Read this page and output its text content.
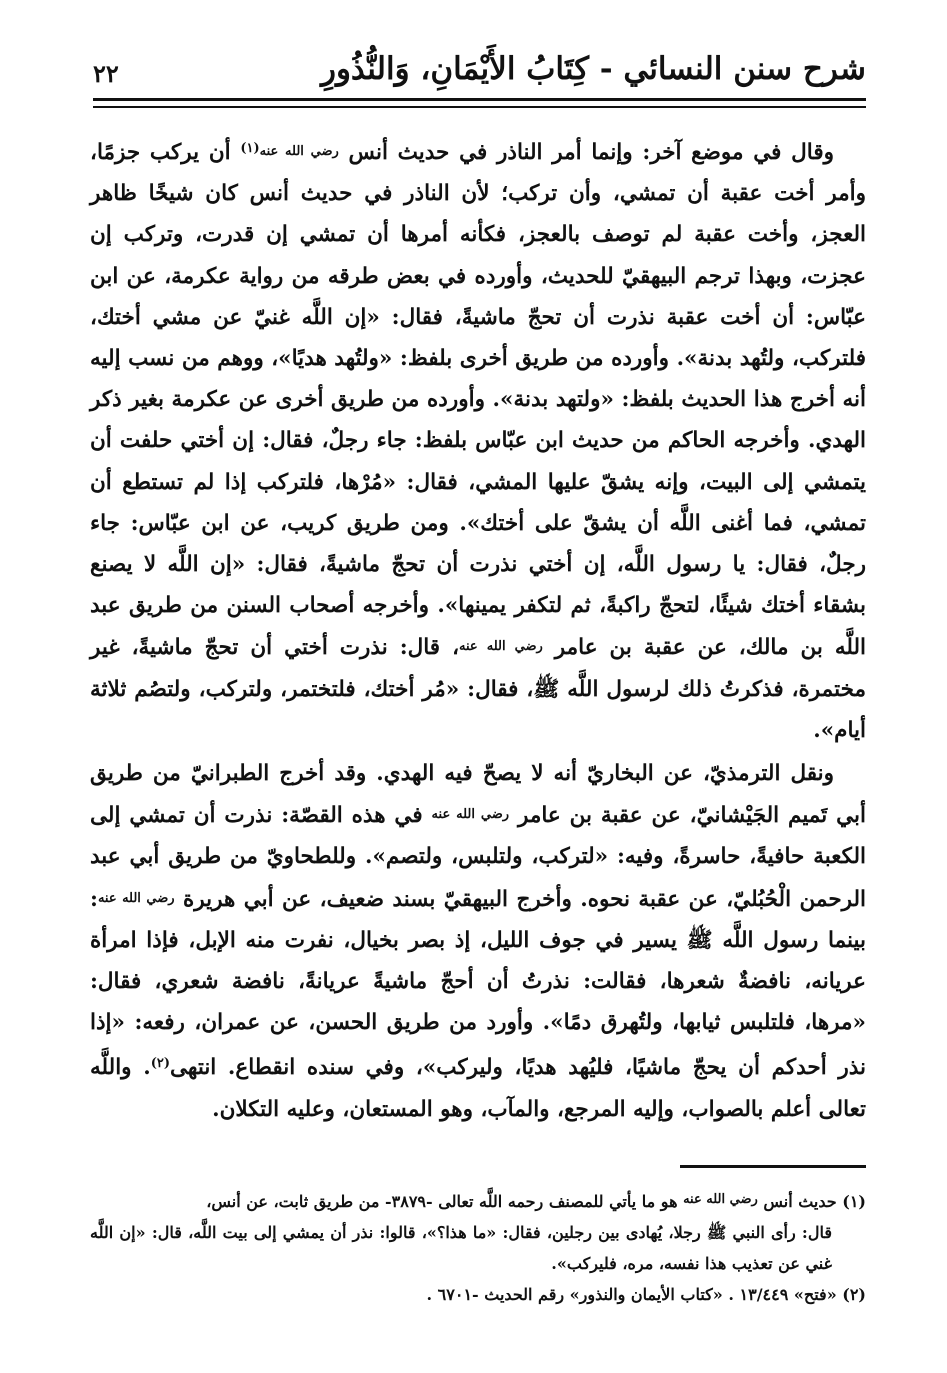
شرح سنن النسائي - كِتَابُ الأَيْمَانِ، وَالنُّذُورِ
٢٢

وقال في موضع آخر: وإنما أمر الناذر في حديث أنس رضي الله عنه$^{(١)}$ أن يركب جزمًا، وأمر أخت عقبة أن تمشي، وأن تركب؛ لأن الناذر في حديث أنس كان شيخًا ظاهر العجز، وأخت عقبة لم توصف بالعجز، فكأنه أمرها أن تمشي إن قدرت، وتركب إن عجزت، وبهذا ترجم البيهقيّ للحديث، وأورده في بعض طرقه من رواية عكرمة، عن ابن عبّاس: أن أخت عقبة نذرت أن تحجّ ماشيةً، فقال: «إن اللَّه غنيّ عن مشي أختك، فلتركب، ولتُهد بدنة». وأورده من طريق أخرى بلفظ: «ولتُهد هديًا»، ووهم من نسب إليه أنه أخرج هذا الحديث بلفظ: «ولتهد بدنة». وأورده من طريق أخرى عن عكرمة بغير ذكر الهدي. وأخرجه الحاكم من حديث ابن عبّاس بلفظ: جاء رجلٌ، فقال: إن أختي حلفت أن يتمشي إلى البيت، وإنه يشقّ عليها المشي، فقال: «مُرْها، فلتركب إذا لم تستطع أن تمشي، فما أغنى اللَّه أن يشقّ على أختك». ومن طريق كريب، عن ابن عبّاس: جاء رجلٌ، فقال: يا رسول اللَّه، إن أختي نذرت أن تحجّ ماشيةً، فقال: «إن اللَّه لا يصنع بشقاء أختك شيئًا، لتحجّ راكبةً، ثم لتكفر يمينها». وأخرجه أصحاب السنن من طريق عبد اللَّه بن مالك، عن عقبة بن عامر رضي الله عنه، قال: نذرت أختي أن تحجّ ماشيةً، غير مختمرة، فذكرتُ ذلك لرسول اللَّه ﷺ، فقال: «مُر أختك، فلتختمر، ولتركب، ولتصُم ثلاثة أيام».

ونقل الترمذيّ، عن البخاريّ أنه لا يصحّ فيه الهدي. وقد أخرج الطبرانيّ من طريق أبي تَميم الجَيْشانيّ، عن عقبة بن عامر رضي الله عنه في هذه القصّة: نذرت أن تمشي إلى الكعبة حافيةً، حاسرةً، وفيه: «لتركب، ولتلبس، ولتصم». وللطحاويّ من طريق أبي عبد الرحمن الْحُبُليّ، عن عقبة نحوه. وأخرج البيهقيّ بسند ضعيف، عن أبي هريرة رضي الله عنه: بينما رسول اللَّه ﷺ يسير في جوف الليل، إذ بصر بخيال، نفرت منه الإبل، فإذا امرأة عريانه، نافضةٌ شعرها، فقالت: نذرتُ أن أحجّ ماشيةً عريانةً، نافضة شعري، فقال: «مرها، فلتلبس ثيابها، ولتُهرق دمًا». وأورد من طريق الحسن، عن عمران، رفعه: «إذا نذر أحدكم أن يحجّ ماشيًا، فليُهد هديًا، وليركب»، وفي سنده انقطاع. انتهى$^{(٢)}$. واللَّه تعالى أعلم بالصواب، وإليه المرجع، والمآب، وهو المستعان، وعليه التكلان.

(١) حديث أنس $^{رضي الله عنه}$ هو ما يأتي للمصنف رحمه اللَّه تعالى -٣٨٧٩- من طريق ثابت، عن أنس،

قال: رأى النبي ﷺ رجلا، يُهادى بين رجلين، فقال: «ما هذا؟»، قالوا: نذر أن يمشي إلى بيت اللَّه، قال: «إن اللَّه غني عن تعذيب هذا نفسه، مره، فليركب».

(٢) «فتح» ١٣/٤٤٩ . «كتاب الأيمان والنذور» رقم الحديث -٦٧٠١ .
